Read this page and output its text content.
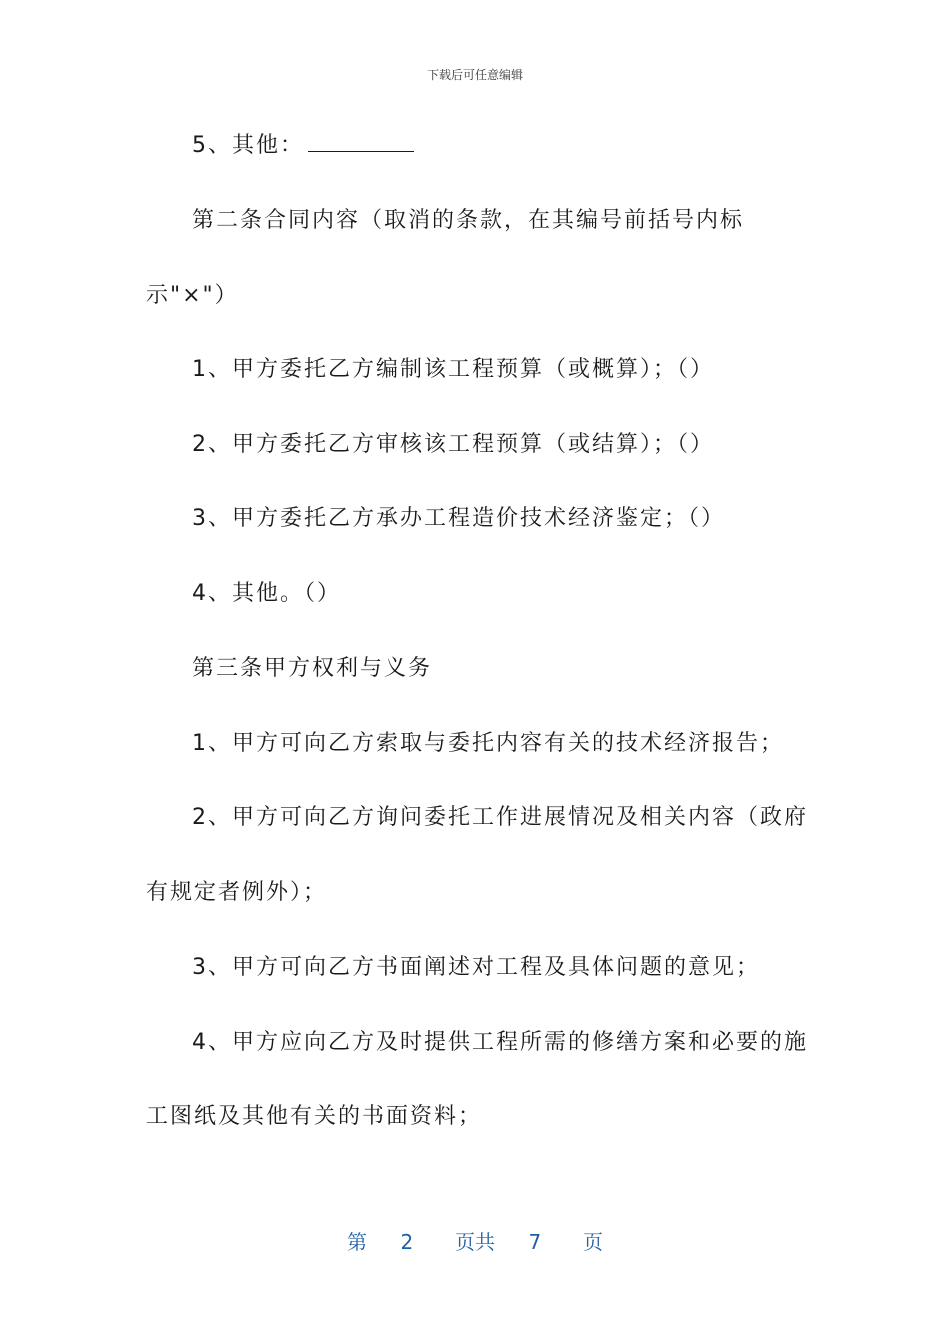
下载后可任意编辑
5、其他：
第二条合同内容（取消的条款，在其编号前括号内标
示"×"）
1、甲方委托乙方编制该工程预算（或概算）；（）
2、甲方委托乙方审核该工程预算（或结算）；（）
3、甲方委托乙方承办工程造价技术经济鉴定；（）
4、其他。（）
第三条甲方权利与义务
1、甲方可向乙方索取与委托内容有关的技术经济报告；
2、甲方可向乙方询问委托工作进展情况及相关内容（政府
有规定者例外）；
3、甲方可向乙方书面阐述对工程及具体问题的意见；
4、甲方应向乙方及时提供工程所需的修缮方案和必要的施
工图纸及其他有关的书面资料；
第 2 页共 7 页
